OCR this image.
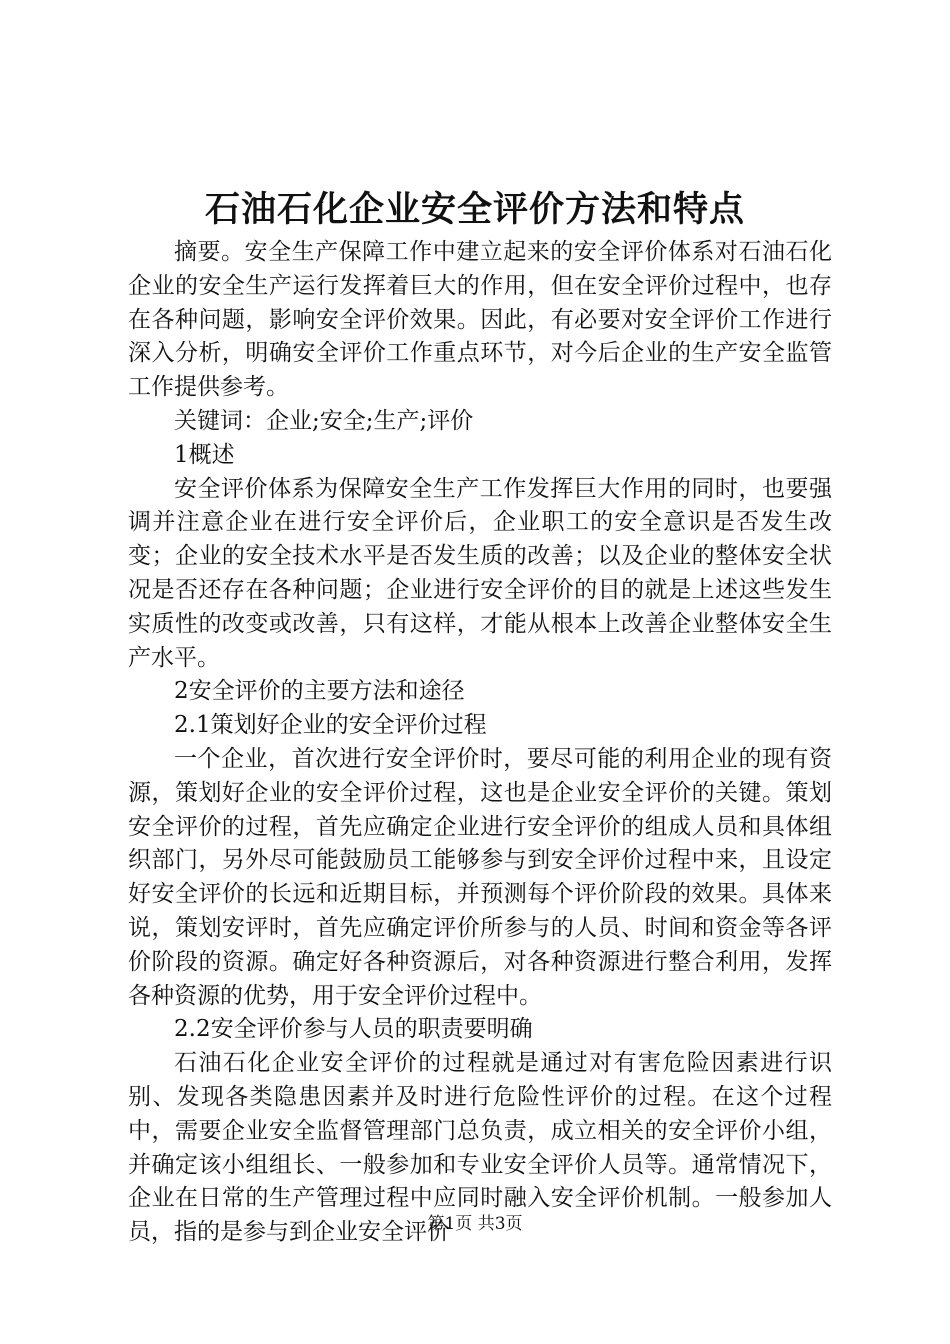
石油石化企业安全评价方法和特点

摘要。安全生产保障工作中建立起来的安全评价体系对石油石化企业的安全生产运行发挥着巨大的作用，但在安全评价过程中，也存在各种问题，影响安全评价效果。因此，有必要对安全评价工作进行深入分析，明确安全评价工作重点环节，对今后企业的生产安全监管工作提供参考。

关键词：企业;安全;生产;评价

1概述

安全评价体系为保障安全生产工作发挥巨大作用的同时，也要强调并注意企业在进行安全评价后，企业职工的安全意识是否发生改变；企业的安全技术水平是否发生质的改善；以及企业的整体安全状况是否还存在各种问题；企业进行安全评价的目的就是上述这些发生实质性的改变或改善，只有这样，才能从根本上改善企业整体安全生产水平。

2安全评价的主要方法和途径

2.1策划好企业的安全评价过程

一个企业，首次进行安全评价时，要尽可能的利用企业的现有资源，策划好企业的安全评价过程，这也是企业安全评价的关键。策划安全评价的过程，首先应确定企业进行安全评价的组成人员和具体组织部门，另外尽可能鼓励员工能够参与到安全评价过程中来，且设定好安全评价的长远和近期目标，并预测每个评价阶段的效果。具体来说，策划安评时，首先应确定评价所参与的人员、时间和资金等各评价阶段的资源。确定好各种资源后，对各种资源进行整合利用，发挥各种资源的优势，用于安全评价过程中。

2.2安全评价参与人员的职责要明确

石油石化企业安全评价的过程就是通过对有害危险因素进行识别、发现各类隐患因素并及时进行危险性评价的过程。在这个过程中，需要企业安全监督管理部门总负责，成立相关的安全评价小组，并确定该小组组长、一般参加和专业安全评价人员等。通常情况下，企业在日常的生产管理过程中应同时融入安全评价机制。一般参加人员，指的是参与到企业安全评价

第1页 共3页
